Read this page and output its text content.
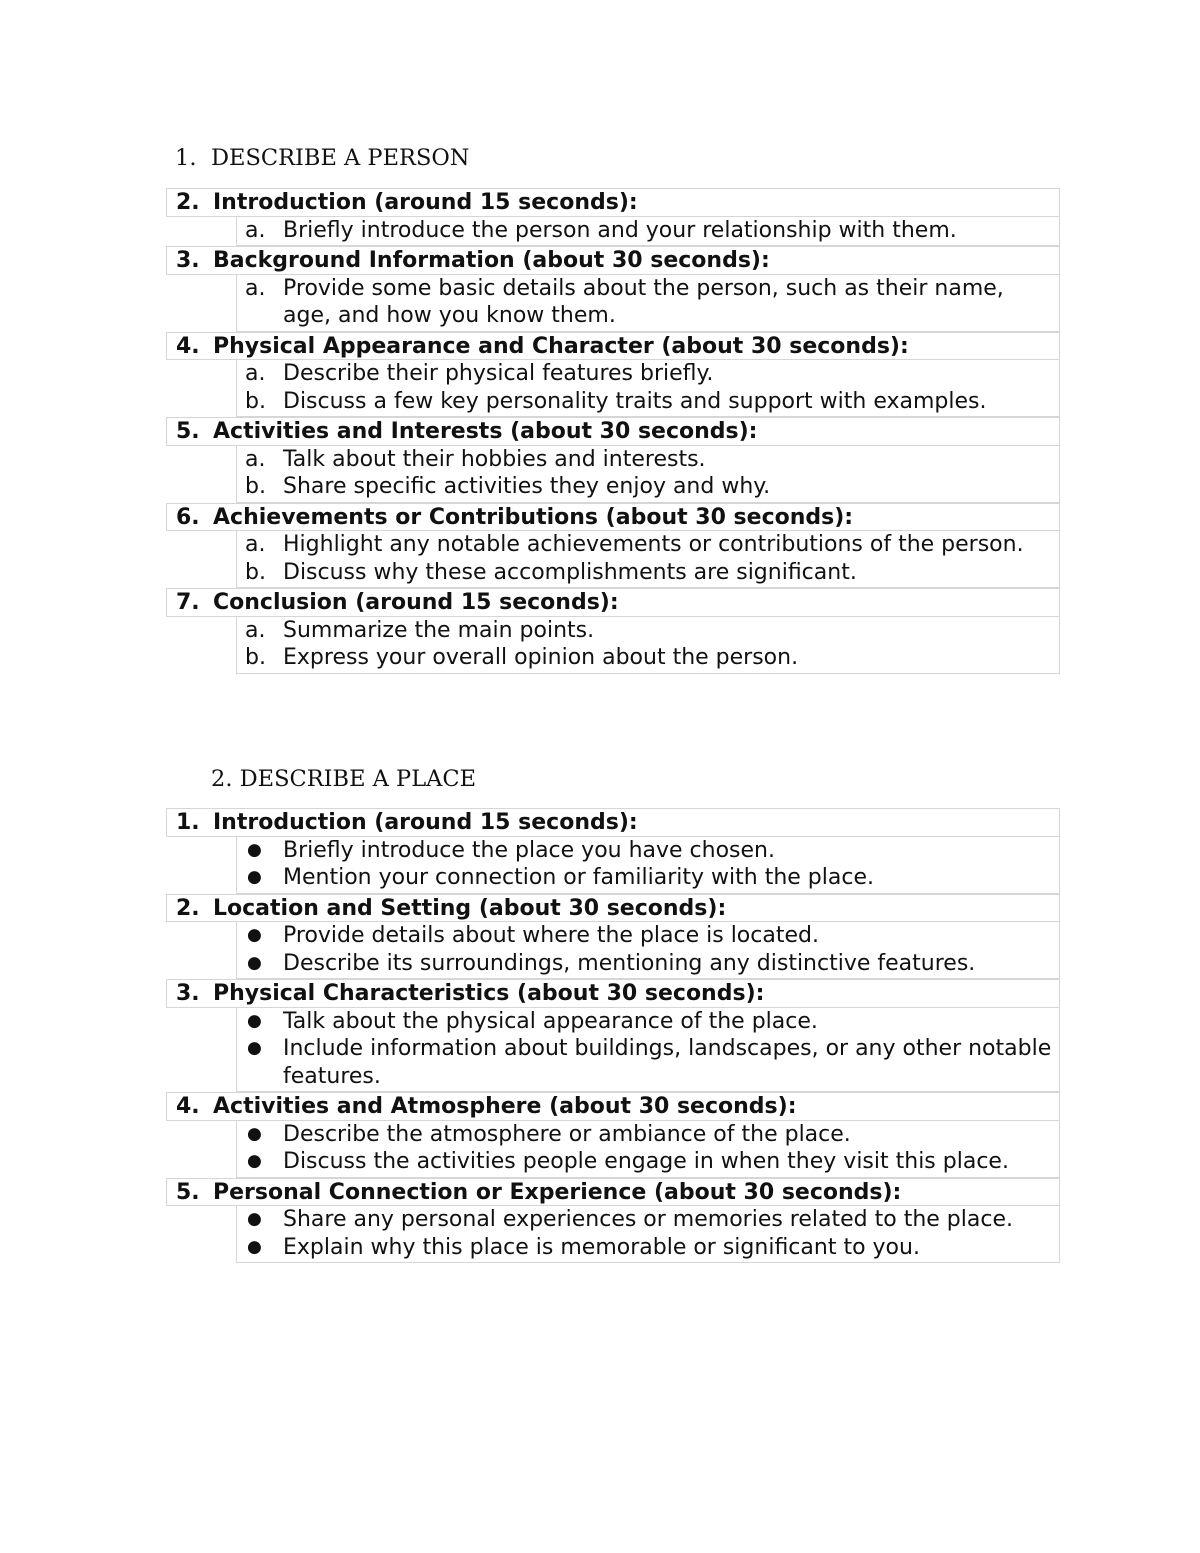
1. DESCRIBE A PERSON
2. Introduction (around 15 seconds):
a. Briefly introduce the person and your relationship with them.
3. Background Information (about 30 seconds):
a. Provide some basic details about the person, such as their name, age, and how you know them.
4. Physical Appearance and Character (about 30 seconds):
a. Describe their physical features briefly.
b. Discuss a few key personality traits and support with examples.
5. Activities and Interests (about 30 seconds):
a. Talk about their hobbies and interests.
b. Share specific activities they enjoy and why.
6. Achievements or Contributions (about 30 seconds):
a. Highlight any notable achievements or contributions of the person.
b. Discuss why these accomplishments are significant.
7. Conclusion (around 15 seconds):
a. Summarize the main points.
b. Express your overall opinion about the person.
2. DESCRIBE A PLACE
1. Introduction (around 15 seconds):
● Briefly introduce the place you have chosen.
● Mention your connection or familiarity with the place.
2. Location and Setting (about 30 seconds):
● Provide details about where the place is located.
● Describe its surroundings, mentioning any distinctive features.
3. Physical Characteristics (about 30 seconds):
● Talk about the physical appearance of the place.
● Include information about buildings, landscapes, or any other notable features.
4. Activities and Atmosphere (about 30 seconds):
● Describe the atmosphere or ambiance of the place.
● Discuss the activities people engage in when they visit this place.
5. Personal Connection or Experience (about 30 seconds):
● Share any personal experiences or memories related to the place.
● Explain why this place is memorable or significant to you.
